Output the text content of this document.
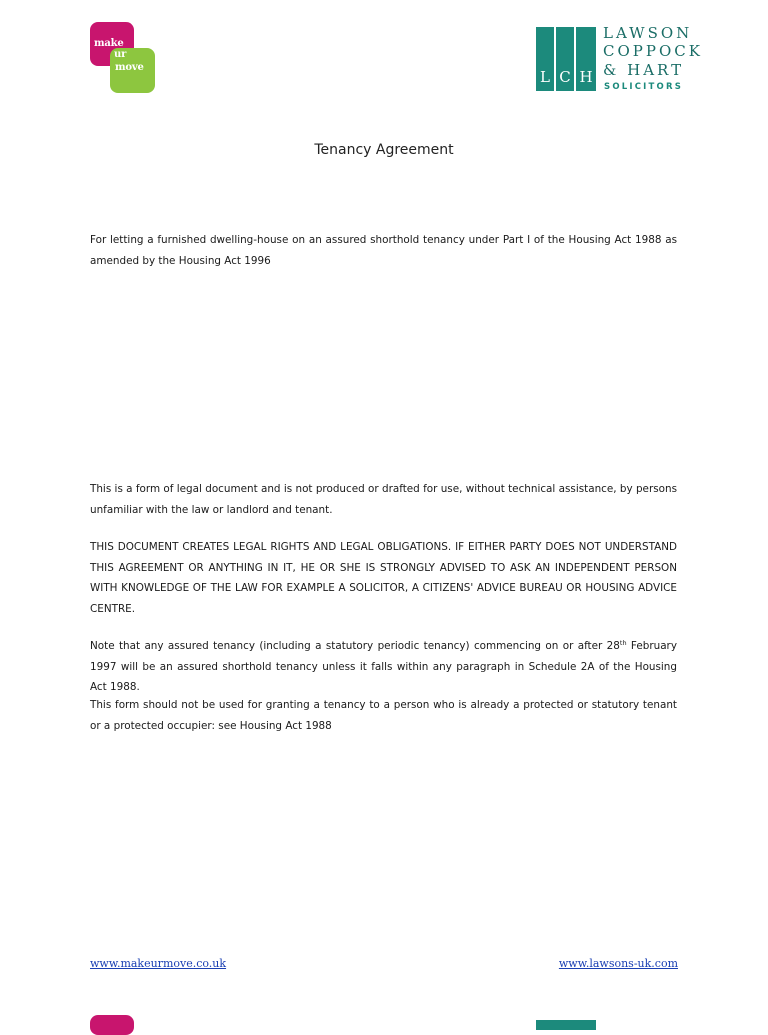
make
ur
move
L C H
LAWSON
COPPOCK
& HART
SOLICITORS
Tenancy Agreement
For letting a furnished dwelling-house on an assured shorthold tenancy under Part I of the Housing Act 1988 as amended by the Housing Act 1996
This is a form of legal document and is not produced or drafted for use, without technical assistance, by persons unfamiliar with the law or landlord and tenant.
THIS DOCUMENT CREATES LEGAL RIGHTS AND LEGAL OBLIGATIONS. IF EITHER PARTY DOES NOT UNDERSTAND THIS AGREEMENT OR ANYTHING IN IT, HE OR SHE IS STRONGLY ADVISED TO ASK AN INDEPENDENT PERSON WITH KNOWLEDGE OF THE LAW FOR EXAMPLE A SOLICITOR, A CITIZENS' ADVICE BUREAU OR HOUSING ADVICE CENTRE.
Note that any assured tenancy (including a statutory periodic tenancy) commencing on or after 28th February 1997 will be an assured shorthold tenancy unless it falls within any paragraph in Schedule 2A of the Housing Act 1988.
This form should not be used for granting a tenancy to a person who is already a protected or statutory tenant or a protected occupier: see Housing Act 1988
www.makeurmove.co.uk	www.lawsons-uk.com
